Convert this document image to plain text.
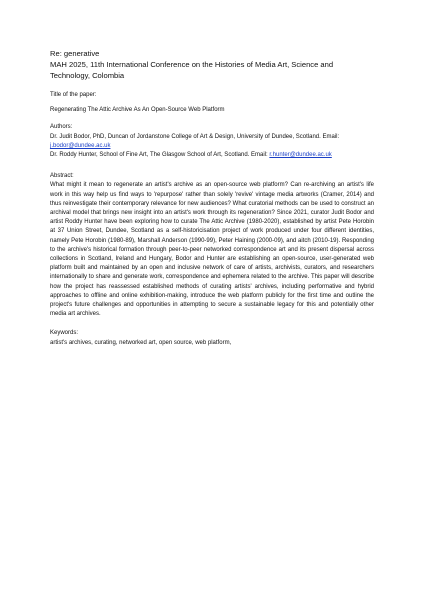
Re: generative

MAH 2025, 11th International Conference on the Histories of Media Art, Science and Technology, Colombia

Title of the paper:

Regenerating The Attic Archive As An Open-Source Web Platform

Authors:

Dr. Judit Bodor, PhD, Duncan of Jordanstone College of Art & Design, University of Dundee, Scotland. Email: j.bodor@dundee.ac.uk

Dr. Roddy Hunter, School of Fine Art, The Glasgow School of Art, Scotland. Email: r.hunter@dundee.ac.uk

Abstract:

What might it mean to regenerate an artist's archive as an open-source web platform? Can re-archiving an artist's life work in this way help us find ways to 'repurpose' rather than solely 'revive' vintage media artworks (Cramer, 2014) and thus reinvestigate their contemporary relevance for new audiences? What curatorial methods can be used to construct an archival model that brings new insight into an artist's work through its regeneration? Since 2021, curator Judit Bodor and artist Roddy Hunter have been exploring how to curate The Attic Archive (1980-2020), established by artist Pete Horobin at 37 Union Street, Dundee, Scotland as a self-historicisation project of work produced under four different identities, namely Pete Horobin (1980-89), Marshall Anderson (1990-99), Peter Haining (2000-09), and aitch (2010-19). Responding to the archive's historical formation through peer-to-peer networked correspondence art and its present dispersal across collections in Scotland, Ireland and Hungary, Bodor and Hunter are establishing an open-source, user-generated web platform built and maintained by an open and inclusive network of care of artists, archivists, curators, and researchers internationally to share and generate work, correspondence and ephemera related to the archive. This paper will describe how the project has reassessed established methods of curating artists' archives, including performative and hybrid approaches to offline and online exhibition-making, introduce the web platform publicly for the first time and outline the project's future challenges and opportunities in attempting to secure a sustainable legacy for this and potentially other media art archives.

Keywords:

artist's archives, curating, networked art, open source, web platform,
